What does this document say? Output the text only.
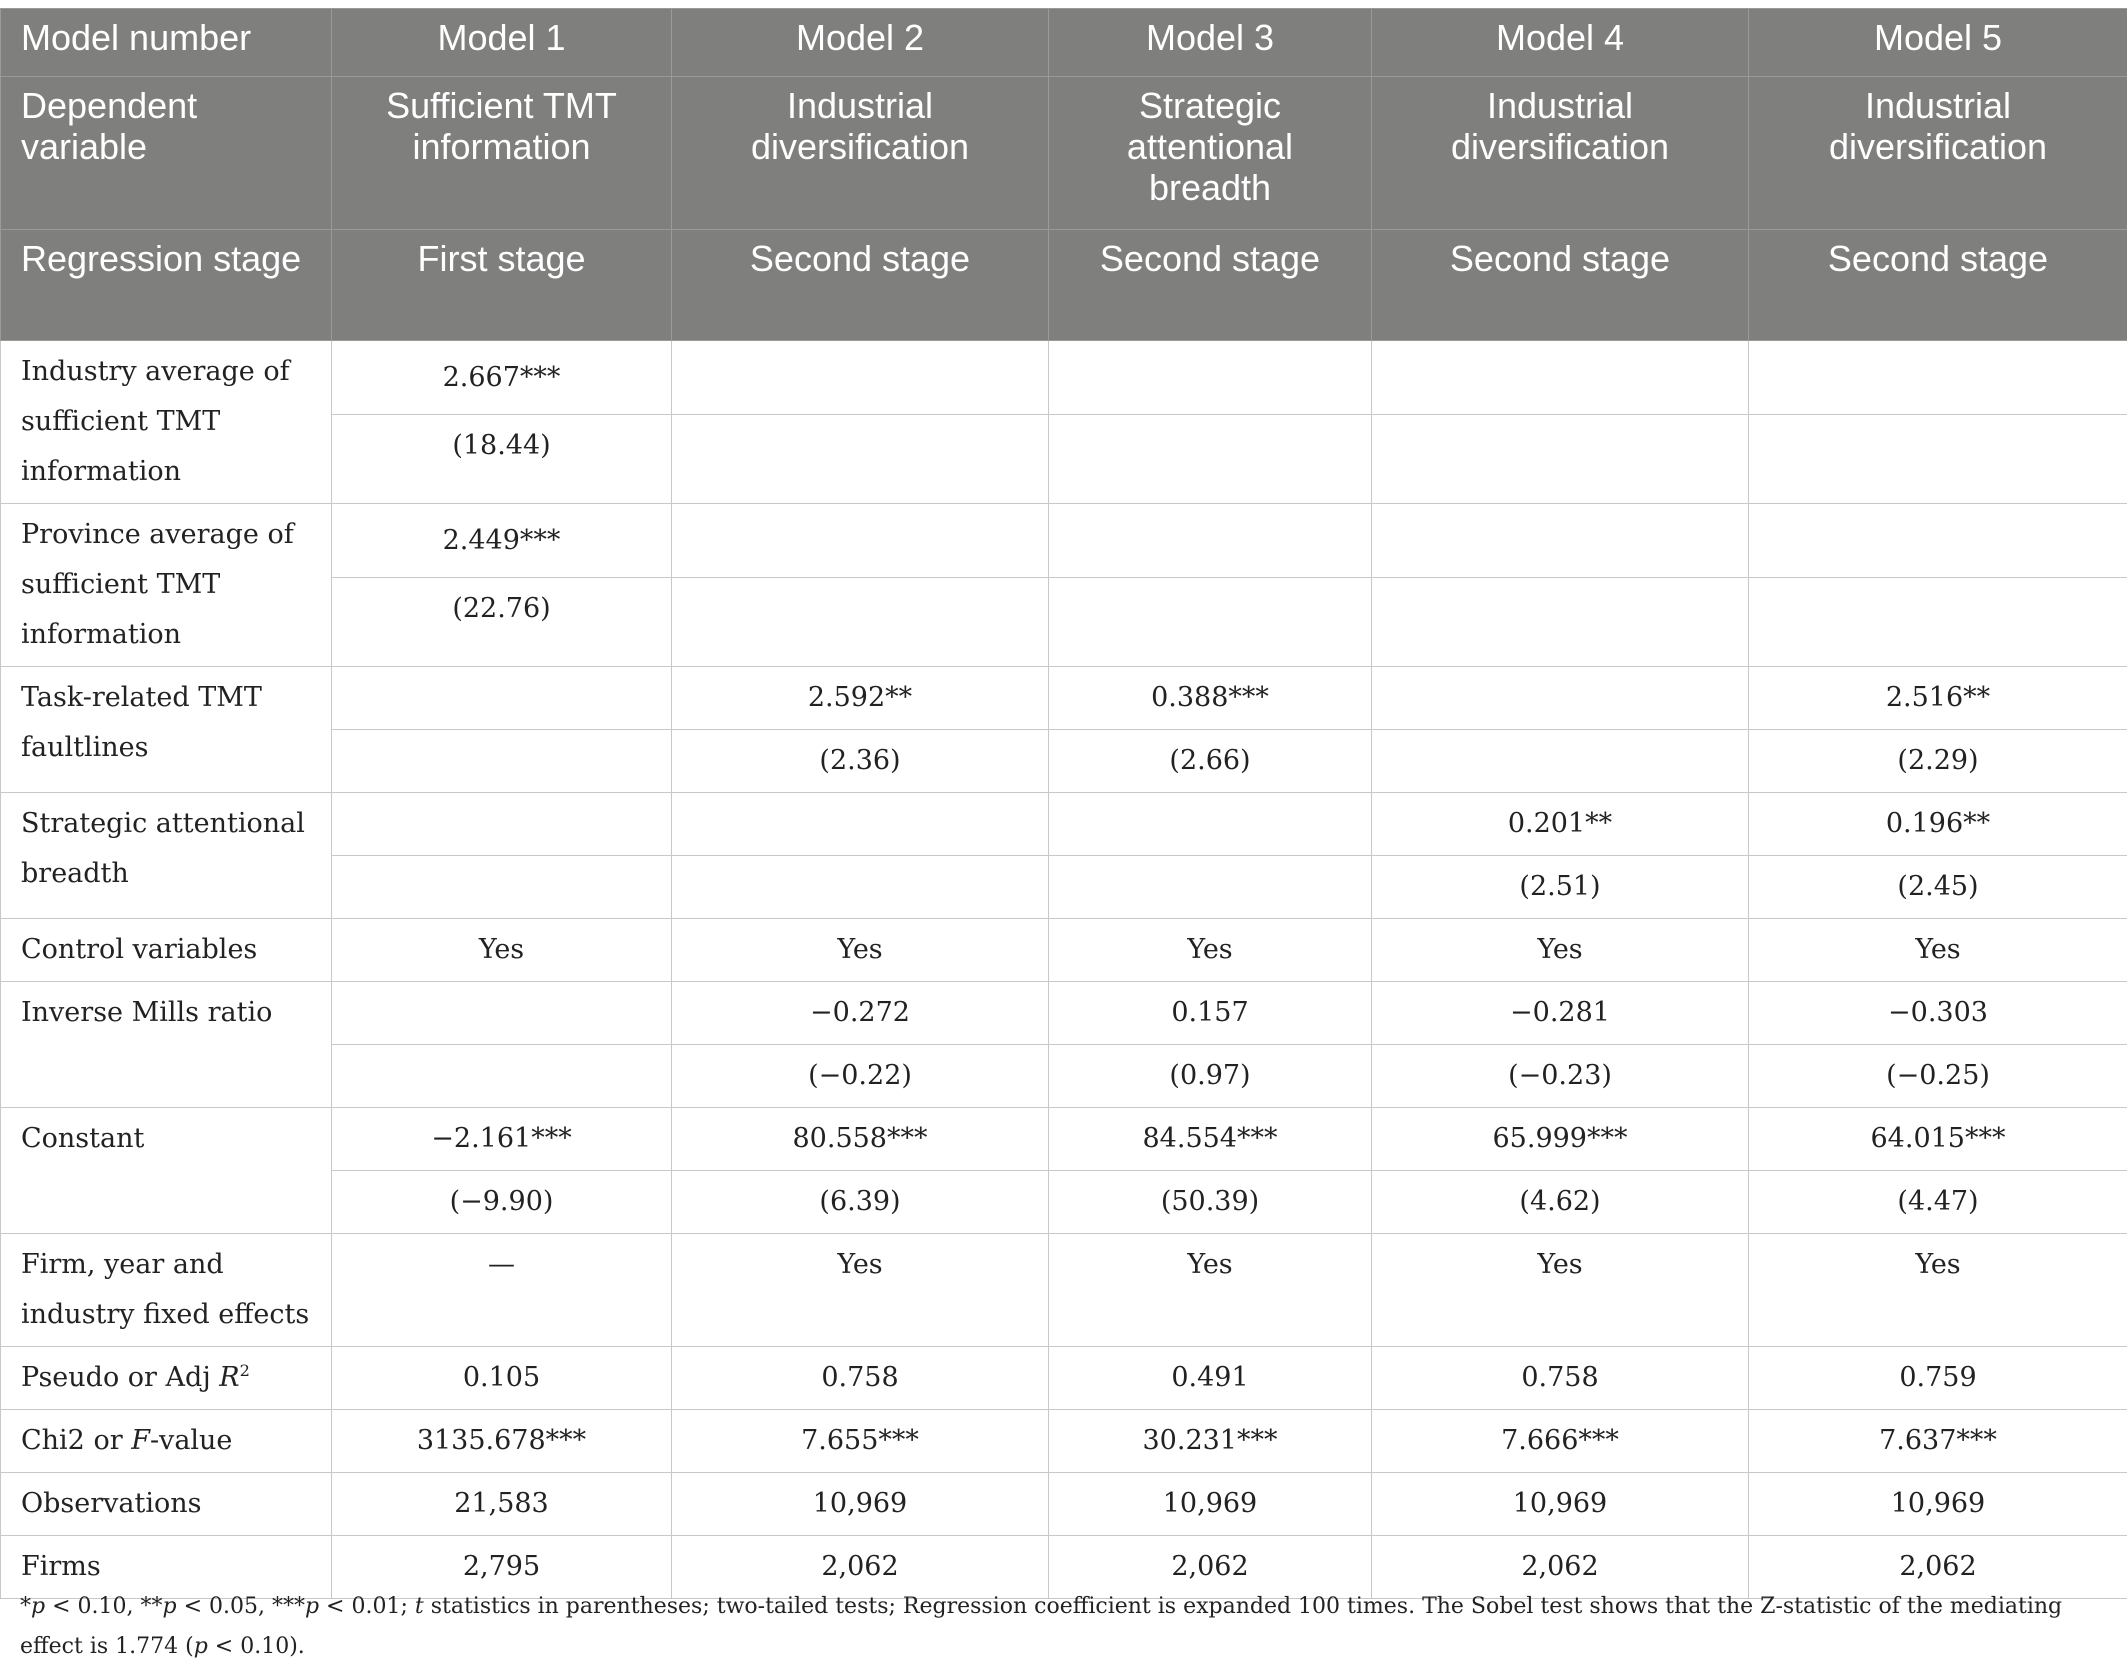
Model number	Model 1	Model 2	Model 3	Model 4	Model 5
Dependent variable	Sufficient TMT information	Industrial diversification	Strategic attentional breadth	Industrial diversification	Industrial diversification
Regression stage	First stage	Second stage	Second stage	Second stage	Second stage
Industry average of sufficient TMT information	2.667***				
	(18.44)				
Province average of sufficient TMT information	2.449***				
	(22.76)				
Task-related TMT faultlines		2.592**	0.388***		2.516**
		(2.36)	(2.66)		(2.29)
Strategic attentional breadth				0.201**	0.196**
				(2.51)	(2.45)
Control variables	Yes	Yes	Yes	Yes	Yes
Inverse Mills ratio		−0.272	0.157	−0.281	−0.303
		(−0.22)	(0.97)	(−0.23)	(−0.25)
Constant	−2.161***	80.558***	84.554***	65.999***	64.015***
	(−9.90)	(6.39)	(50.39)	(4.62)	(4.47)
Firm, year and industry fixed effects	—	Yes	Yes	Yes	Yes
Pseudo or Adj $R^2$	0.105	0.758	0.491	0.758	0.759
Chi2 or F-value	3135.678***	7.655***	30.231***	7.666***	7.637***
Observations	21,583	10,969	10,969	10,969	10,969
Firms	2,795	2,062	2,062	2,062	2,062
*p < 0.10, **p < 0.05, ***p < 0.01; t statistics in parentheses; two-tailed tests; Regression coefficient is expanded 100 times. The Sobel test shows that the Z-statistic of the mediating effect is 1.774 (p < 0.10).
